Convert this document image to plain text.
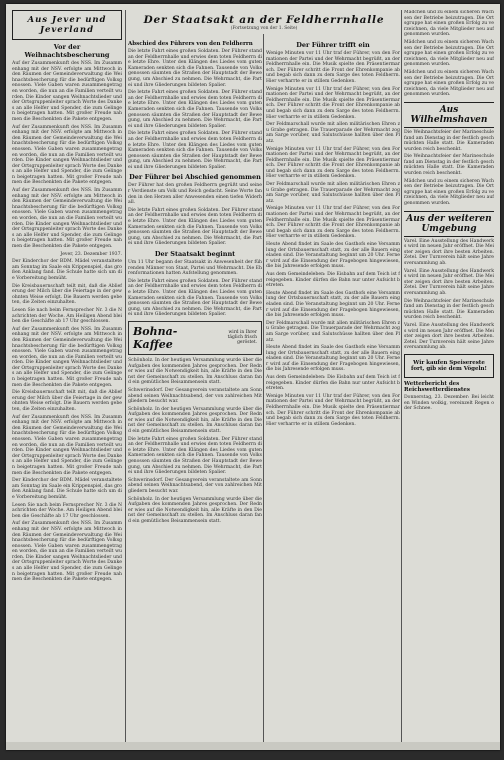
Der Staatsakt an der Feldherrnhalle
(Fortsetzung von der 1. Seite)
Aus Jever und Jeverland
Vor der Weihnachtsbescherung

Auf der Zusammenkunft des NSS. Im Zusammenhang mit der NSV. erfolgte am Mittwoch in den Räumen der Gemeindeverwaltung die Weihnachtsbescherung für die bedürftigen Volksgenossen. Viele Gaben waren zusammengetragen worden, die nun an die Familien verteilt wurden. Die Kinder sangen Weihnachtslieder und der Ortsgruppenleiter sprach Worte des Dankes an alle Helfer und Spender, die zum Gelingen beigetragen hatten. Mit großer Freude nahmen die Beschenkten die Pakete entgegen.

Auf der Zusammenkunft des NSS. Im Zusammenhang mit der NSV. erfolgte am Mittwoch in den Räumen der Gemeindeverwaltung die Weihnachtsbescherung für die bedürftigen Volksgenossen. Viele Gaben waren zusammengetragen worden, die nun an die Familien verteilt wurden. Die Kinder sangen Weihnachtslieder und der Ortsgruppenleiter sprach Worte des Dankes an alle Helfer und Spender, die zum Gelingen beigetragen hatten. Mit großer Freude nahmen die Beschenkten die Pakete entgegen.

Auf der Zusammenkunft des NSS. Im Zusammenhang mit der NSV. erfolgte am Mittwoch in den Räumen der Gemeindeverwaltung die Weihnachtsbescherung für die bedürftigen Volksgenossen. Viele Gaben waren zusammengetragen worden, die nun an die Familien verteilt wurden. Die Kinder sangen Weihnachtslieder und der Ortsgruppenleiter sprach Worte des Dankes an alle Helfer und Spender, die zum Gelingen beigetragen hatten. Mit großer Freude nahmen die Beschenkten die Pakete entgegen.

Jever, 23. Dezember 1937.

Der Kinderchor der BDM. Mädel veranstaltete am Sonntag im Saale ein Krippenspiel, das großen Anklang fand. Die Schule hatte sich um die Vorbereitung bemüht.

Die Kreisbauernschaft teilt mit, daß die Ablieferung der Milch über die Feiertage in der gewohnten Weise erfolgt. Die Bauern werden gebeten, die Zeiten einzuhalten.

Lesen Sie nach beim Fernsprecher Nr. 3 die Nachrichten der Woche. Am Heiligen Abend bleiben die Geschäfte ab 17 Uhr geschlossen.

Auf der Zusammenkunft des NSS. Im Zusammenhang mit der NSV. erfolgte am Mittwoch in den Räumen der Gemeindeverwaltung die Weihnachtsbescherung für die bedürftigen Volksgenossen. Viele Gaben waren zusammengetragen worden, die nun an die Familien verteilt wurden. Die Kinder sangen Weihnachtslieder und der Ortsgruppenleiter sprach Worte des Dankes an alle Helfer und Spender, die zum Gelingen beigetragen hatten. Mit großer Freude nahmen die Beschenkten die Pakete entgegen.

Die Kreisbauernschaft teilt mit, daß die Ablieferung der Milch über die Feiertage in der gewohnten Weise erfolgt. Die Bauern werden gebeten, die Zeiten einzuhalten.

Auf der Zusammenkunft des NSS. Im Zusammenhang mit der NSV. erfolgte am Mittwoch in den Räumen der Gemeindeverwaltung die Weihnachtsbescherung für die bedürftigen Volksgenossen. Viele Gaben waren zusammengetragen worden, die nun an die Familien verteilt wurden. Die Kinder sangen Weihnachtslieder und der Ortsgruppenleiter sprach Worte des Dankes an alle Helfer und Spender, die zum Gelingen beigetragen hatten. Mit großer Freude nahmen die Beschenkten die Pakete entgegen.

Der Kinderchor der BDM. Mädel veranstaltete am Sonntag im Saale ein Krippenspiel, das großen Anklang fand. Die Schule hatte sich um die Vorbereitung bemüht.

Lesen Sie nach beim Fernsprecher Nr. 3 die Nachrichten der Woche. Am Heiligen Abend bleiben die Geschäfte ab 17 Uhr geschlossen.

Auf der Zusammenkunft des NSS. Im Zusammenhang mit der NSV. erfolgte am Mittwoch in den Räumen der Gemeindeverwaltung die Weihnachtsbescherung für die bedürftigen Volksgenossen. Viele Gaben waren zusammengetragen worden, die nun an die Familien verteilt wurden. Die Kinder sangen Weihnachtslieder und der Ortsgruppenleiter sprach Worte des Dankes an alle Helfer und Spender, die zum Gelingen beigetragen hatten. Mit großer Freude nahmen die Beschenkten die Pakete entgegen.

Abschied des Führers von den Feldherrn

Die letzte Fahrt eines großen Soldaten. Der Führer stand an der Feldherrnhalle und erwies dem toten Feldherrn die letzte Ehre. Unter den Klängen des Liedes vom guten Kameraden senkten sich die Fahnen. Tausende von Volksgenossen säumten die Straßen der Hauptstadt der Bewegung, um Abschied zu nehmen. Die Wehrmacht, die Partei und ihre Gliederungen bildeten Spalier.

Die letzte Fahrt eines großen Soldaten. Der Führer stand an der Feldherrnhalle und erwies dem toten Feldherrn die letzte Ehre. Unter den Klängen des Liedes vom guten Kameraden senkten sich die Fahnen. Tausende von Volksgenossen säumten die Straßen der Hauptstadt der Bewegung, um Abschied zu nehmen. Die Wehrmacht, die Partei und ihre Gliederungen bildeten Spalier.

Die letzte Fahrt eines großen Soldaten. Der Führer stand an der Feldherrnhalle und erwies dem toten Feldherrn die letzte Ehre. Unter den Klängen des Liedes vom guten Kameraden senkten sich die Fahnen. Tausende von Volksgenossen säumten die Straßen der Hauptstadt der Bewegung, um Abschied zu nehmen. Die Wehrmacht, die Partei und ihre Gliederungen bildeten Spalier.

Der Führer bei Abschied genommen

Der Führer hat den großen Feldherrn gegrüßt und seiner Verdienste um Volk und Reich gedacht. Seine Worte fanden in den Herzen aller Anwesenden einen tiefen Widerhall.

Die letzte Fahrt eines großen Soldaten. Der Führer stand an der Feldherrnhalle und erwies dem toten Feldherrn die letzte Ehre. Unter den Klängen des Liedes vom guten Kameraden senkten sich die Fahnen. Tausende von Volksgenossen säumten die Straßen der Hauptstadt der Bewegung, um Abschied zu nehmen. Die Wehrmacht, die Partei und ihre Gliederungen bildeten Spalier.

Der Staatsakt beginnt

Um 11 Uhr begann der Staatsakt in Anwesenheit der führenden Männer von Staat, Partei und Wehrmacht. Die Ehrenformationen hatten Aufstellung genommen.

Die letzte Fahrt eines großen Soldaten. Der Führer stand an der Feldherrnhalle und erwies dem toten Feldherrn die letzte Ehre. Unter den Klängen des Liedes vom guten Kameraden senkten sich die Fahnen. Tausende von Volksgenossen säumten die Straßen der Hauptstadt der Bewegung, um Abschied zu nehmen. Die Wehrmacht, die Partei und ihre Gliederungen bildeten Spalier.

Bohna-Kaffee
wird in Ihrer täglich frisch geröstet.

Schönholz. In der heutigen Versammlung wurde über die Aufgaben des kommenden Jahres gesprochen. Der Redner wies auf die Notwendigkeit hin, alle Kräfte in den Dienst der Gemeinschaft zu stellen. Im Anschluss daran fand ein gemütliches Beisammensein statt.

Schwerinsdorf. Der Gesangverein veranstaltete am Sonnabend seinen Weihnachtsabend, der von zahlreichen Mitgliedern besucht war.

Schönholz. In der heutigen Versammlung wurde über die Aufgaben des kommenden Jahres gesprochen. Der Redner wies auf die Notwendigkeit hin, alle Kräfte in den Dienst der Gemeinschaft zu stellen. Im Anschluss daran fand ein gemütliches Beisammensein statt.

Die letzte Fahrt eines großen Soldaten. Der Führer stand an der Feldherrnhalle und erwies dem toten Feldherrn die letzte Ehre. Unter den Klängen des Liedes vom guten Kameraden senkten sich die Fahnen. Tausende von Volksgenossen säumten die Straßen der Hauptstadt der Bewegung, um Abschied zu nehmen. Die Wehrmacht, die Partei und ihre Gliederungen bildeten Spalier.

Schwerinsdorf. Der Gesangverein veranstaltete am Sonnabend seinen Weihnachtsabend, der von zahlreichen Mitgliedern besucht war.

Schönholz. In der heutigen Versammlung wurde über die Aufgaben des kommenden Jahres gesprochen. Der Redner wies auf die Notwendigkeit hin, alle Kräfte in den Dienst der Gemeinschaft zu stellen. Im Anschluss daran fand ein gemütliches Beisammensein statt.

Der Führer trifft ein

Wenige Minuten vor 11 Uhr traf der Führer, von den Formationen der Partei und der Wehrmacht begrüßt, an der Feldherrnhalle ein. Die Musik spielte den Präsentiermarsch. Der Führer schritt die Front der Ehrenkompanie ab und begab sich dann zu dem Sarge des toten Feldherrn. Hier verharrte er in stillem Gedenken.

Wenige Minuten vor 11 Uhr traf der Führer, von den Formationen der Partei und der Wehrmacht begrüßt, an der Feldherrnhalle ein. Die Musik spielte den Präsentiermarsch. Der Führer schritt die Front der Ehrenkompanie ab und begab sich dann zu dem Sarge des toten Feldherrn. Hier verharrte er in stillem Gedenken.

Der Feldmarschall wurde mit allen militärischen Ehren zu Grabe getragen. Die Trauerparade der Wehrmacht zog am Sarge vorüber, und Salutschüsse hallten über den Platz.

Wenige Minuten vor 11 Uhr traf der Führer, von den Formationen der Partei und der Wehrmacht begrüßt, an der Feldherrnhalle ein. Die Musik spielte den Präsentiermarsch. Der Führer schritt die Front der Ehrenkompanie ab und begab sich dann zu dem Sarge des toten Feldherrn. Hier verharrte er in stillem Gedenken.

Der Feldmarschall wurde mit allen militärischen Ehren zu Grabe getragen. Die Trauerparade der Wehrmacht zog am Sarge vorüber, und Salutschüsse hallten über den Platz.

Wenige Minuten vor 11 Uhr traf der Führer, von den Formationen der Partei und der Wehrmacht begrüßt, an der Feldherrnhalle ein. Die Musik spielte den Präsentiermarsch. Der Führer schritt die Front der Ehrenkompanie ab und begab sich dann zu dem Sarge des toten Feldherrn. Hier verharrte er in stillem Gedenken.

Heute Abend findet im Saale des Gasthofs eine Versammlung der Ortsbauernschaft statt, zu der alle Bauern eingeladen sind. Die Veranstaltung beginnt um 20 Uhr. Ferner wird auf die Einsendung der Fragebogen hingewiesen, die bis Jahresende erfolgen muss.

Aus dem Gemeindeleben: Die Eisbahn auf dem Teich ist freigegeben. Kinder dürfen die Bahn nur unter Aufsicht betreten.

Heute Abend findet im Saale des Gasthofs eine Versammlung der Ortsbauernschaft statt, zu der alle Bauern eingeladen sind. Die Veranstaltung beginnt um 20 Uhr. Ferner wird auf die Einsendung der Fragebogen hingewiesen, die bis Jahresende erfolgen muss.

Der Feldmarschall wurde mit allen militärischen Ehren zu Grabe getragen. Die Trauerparade der Wehrmacht zog am Sarge vorüber, und Salutschüsse hallten über den Platz.

Heute Abend findet im Saale des Gasthofs eine Versammlung der Ortsbauernschaft statt, zu der alle Bauern eingeladen sind. Die Veranstaltung beginnt um 20 Uhr. Ferner wird auf die Einsendung der Fragebogen hingewiesen, die bis Jahresende erfolgen muss.

Aus dem Gemeindeleben: Die Eisbahn auf dem Teich ist freigegeben. Kinder dürfen die Bahn nur unter Aufsicht betreten.

Wenige Minuten vor 11 Uhr traf der Führer, von den Formationen der Partei und der Wehrmacht begrüßt, an der Feldherrnhalle ein. Die Musik spielte den Präsentiermarsch. Der Führer schritt die Front der Ehrenkompanie ab und begab sich dann zu dem Sarge des toten Feldherrn. Hier verharrte er in stillem Gedenken.

Mädchen und zu einem sicheren Wachsen der Betriebe beizutragen. Die Ortsgruppe hat einen großen Erfolg zu verzeichnen, da viele Mitglieder neu aufgenommen wurden.

Mädchen und zu einem sicheren Wachsen der Betriebe beizutragen. Die Ortsgruppe hat einen großen Erfolg zu verzeichnen, da viele Mitglieder neu aufgenommen wurden.

Mädchen und zu einem sicheren Wachsen der Betriebe beizutragen. Die Ortsgruppe hat einen großen Erfolg zu verzeichnen, da viele Mitglieder neu aufgenommen wurden.

Aus Wilhelmshaven

Die Weihnachtsfeier der Marineschule fand am Dienstag in der festlich geschmückten Halle statt. Die Kameraden wurden reich beschenkt.

Die Weihnachtsfeier der Marineschule fand am Dienstag in der festlich geschmückten Halle statt. Die Kameraden wurden reich beschenkt.

Mädchen und zu einem sicheren Wachsen der Betriebe beizutragen. Die Ortsgruppe hat einen großen Erfolg zu verzeichnen, da viele Mitglieder neu aufgenommen wurden.

Aus der weiteren Umgebung

Varel. Eine Ausstellung des Handwerks wird im neuen Jahr eröffnet. Die Meister zeigen dort ihre besten Arbeiten. Zetel. Der Turnverein hält seine Jahresversammlung ab.

Varel. Eine Ausstellung des Handwerks wird im neuen Jahr eröffnet. Die Meister zeigen dort ihre besten Arbeiten. Zetel. Der Turnverein hält seine Jahresversammlung ab.

Die Weihnachtsfeier der Marineschule fand am Dienstag in der festlich geschmückten Halle statt. Die Kameraden wurden reich beschenkt.

Varel. Eine Ausstellung des Handwerks wird im neuen Jahr eröffnet. Die Meister zeigen dort ihre besten Arbeiten. Zetel. Der Turnverein hält seine Jahresversammlung ab.

Wir kaufen Speisereste fort, gib sie dem Vögeln!
Wetterbericht des Reichswetterdienstes

Donnerstag, 23. Dezember: Bei leichten Winden wolkig, vereinzelt Regen oder Schnee.
